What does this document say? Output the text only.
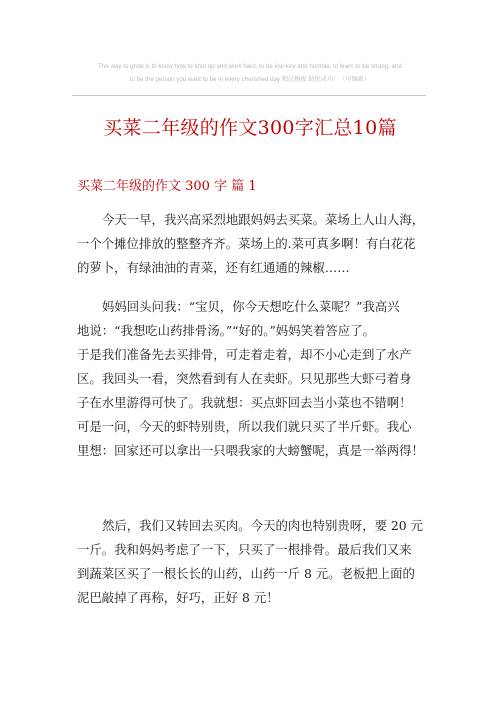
The way to grow is to know how to shut up and work hard, to be low-key and humble, to learn to be strong, and
to be the person you want to be in every cherished day 精品模板 助您成功！（可编辑）
买菜二年级的作文300字汇总10篇
买菜二年级的作文 300 字 篇 1
今天一早，我兴高采烈地跟妈妈去买菜。菜场上人山人海，
一个个摊位排放的整整齐齐。菜场上的.菜可真多啊！有白花花
的萝卜，有绿油油的青菜，还有红通通的辣椒……
妈妈回头问我：“宝贝，你今天想吃什么菜呢？”我高兴
地说：“我想吃山药排骨汤。”“好的。”妈妈笑着答应了。
于是我们准备先去买排骨，可走着走着，却不小心走到了水产
区。我回头一看，突然看到有人在卖虾。只见那些大虾弓着身
子在水里游得可快了。我就想：买点虾回去当小菜也不错啊！
可是一问，今天的虾特别贵，所以我们就只买了半斤虾。我心
里想：回家还可以拿出一只喂我家的大螃蟹呢，真是一举两得！
然后，我们又转回去买肉。今天的肉也特别贵呀，要 20 元
一斤。我和妈妈考虑了一下，只买了一根排骨。最后我们又来
到蔬菜区买了一根长长的山药，山药一斤 8 元。老板把上面的
泥巴敲掉了再称，好巧，正好 8 元！
